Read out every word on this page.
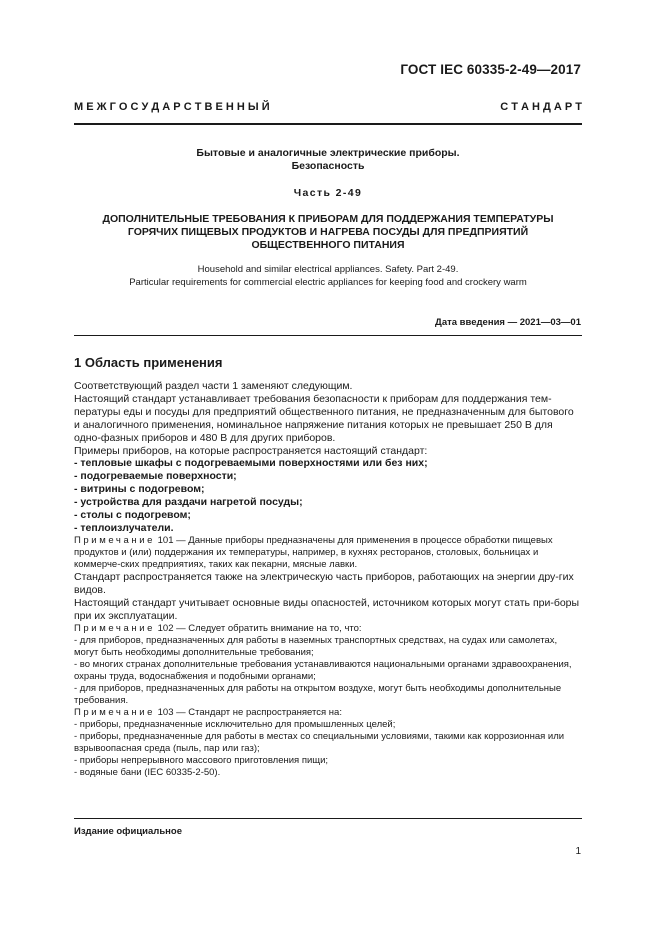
ГОСТ IEC 60335-2-49—2017
М Е Ж Г О С У Д А Р С Т В Е Н Н Ы Й	С Т А Н Д А Р Т
Бытовые и аналогичные электрические приборы.
Безопасность
Часть 2-49
ДОПОЛНИТЕЛЬНЫЕ ТРЕБОВАНИЯ К ПРИБОРАМ ДЛЯ ПОДДЕРЖАНИЯ ТЕМПЕРАТУРЫ
ГОРЯЧИХ ПИЩЕВЫХ ПРОДУКТОВ И НАГРЕВА ПОСУДЫ ДЛЯ ПРЕДПРИЯТИЙ
ОБЩЕСТВЕННОГО ПИТАНИЯ
Household and similar electrical appliances. Safety. Part 2-49.
Particular requirements for commercial electric appliances for keeping food and crockery warm
Дата введения — 2021—03—01
1 Область применения

Соответствующий раздел части 1 заменяют следующим.

Настоящий стандарт устанавливает требования безопасности к приборам для поддержания тем-пературы еды и посуды для предприятий общественного питания, не предназначенным для бытового и аналогичного применения, номинальное напряжение питания которых не превышает 250 В для одно-фазных приборов и 480 В для других приборов.

Примеры приборов, на которые распространяется настоящий стандарт:

- тепловые шкафы с подогреваемыми поверхностями или без них;

- подогреваемые поверхности;

- витрины с подогревом;

- устройства для раздачи нагретой посуды;

- столы с подогревом;

- теплоизлучатели.

Примечание 101 — Данные приборы предназначены для применения в процессе обработки пищевых продуктов и (или) поддержания их температуры, например, в кухнях ресторанов, столовых, больницах и коммерче-ских предприятиях, таких как пекарни, мясные лавки.

Стандарт распространяется также на электрическую часть приборов, работающих на энергии дру-гих видов.

Настоящий стандарт учитывает основные виды опасностей, источником которых могут стать при-боры при их эксплуатации.

Примечание 102 — Следует обратить внимание на то, что:

- для приборов, предназначенных для работы в наземных транспортных средствах, на судах или самолетах, могут быть необходимы дополнительные требования;

- во многих странах дополнительные требования устанавливаются национальными органами здравоохранения, охраны труда, водоснабжения и подобными органами;

- для приборов, предназначенных для работы на открытом воздухе, могут быть необходимы дополнительные требования.

Примечание 103 — Стандарт не распространяется на:

- приборы, предназначенные исключительно для промышленных целей;

- приборы, предназначенные для работы в местах со специальными условиями, такими как коррозионная или взрывоопасная среда (пыль, пар или газ);

- приборы непрерывного массового приготовления пищи;

- водяные бани (IEC 60335-2-50).

Издание официальное
1
